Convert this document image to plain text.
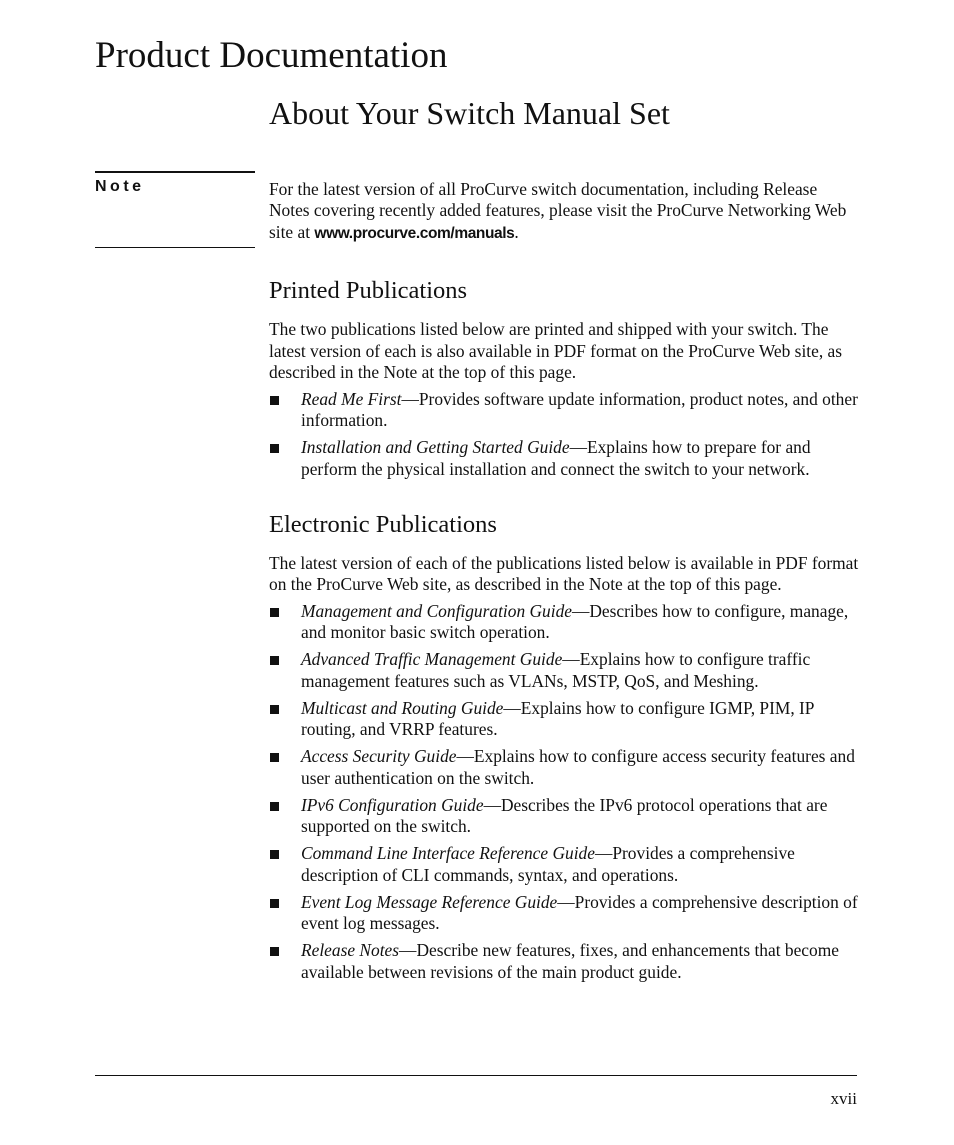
Product Documentation
About Your Switch Manual Set
Note	For the latest version of all ProCurve switch documentation, including Release Notes covering recently added features, please visit the ProCurve Networking Web site at www.procurve.com/manuals.

Printed Publications

The two publications listed below are printed and shipped with your switch. The latest version of each is also available in PDF format on the ProCurve Web site, as described in the Note at the top of this page.

Read Me First—Provides software update information, product notes, and other information.
Installation and Getting Started Guide—Explains how to prepare for and perform the physical installation and connect the switch to your network.
Electronic Publications

The latest version of each of the publications listed below is available in PDF format on the ProCurve Web site, as described in the Note at the top of this page.

Management and Configuration Guide—Describes how to configure, manage, and monitor basic switch operation.
Advanced Traffic Management Guide—Explains how to configure traffic management features such as VLANs, MSTP, QoS, and Meshing.
Multicast and Routing Guide—Explains how to configure IGMP, PIM, IP routing, and VRRP features.
Access Security Guide—Explains how to configure access security features and user authentication on the switch.
IPv6 Configuration Guide—Describes the IPv6 protocol operations that are supported on the switch.
Command Line Interface Reference Guide—Provides a comprehensive description of CLI commands, syntax, and operations.
Event Log Message Reference Guide—Provides a comprehensive description of event log messages.
Release Notes—Describe new features, fixes, and enhancements that become available between revisions of the main product guide.
xvii
